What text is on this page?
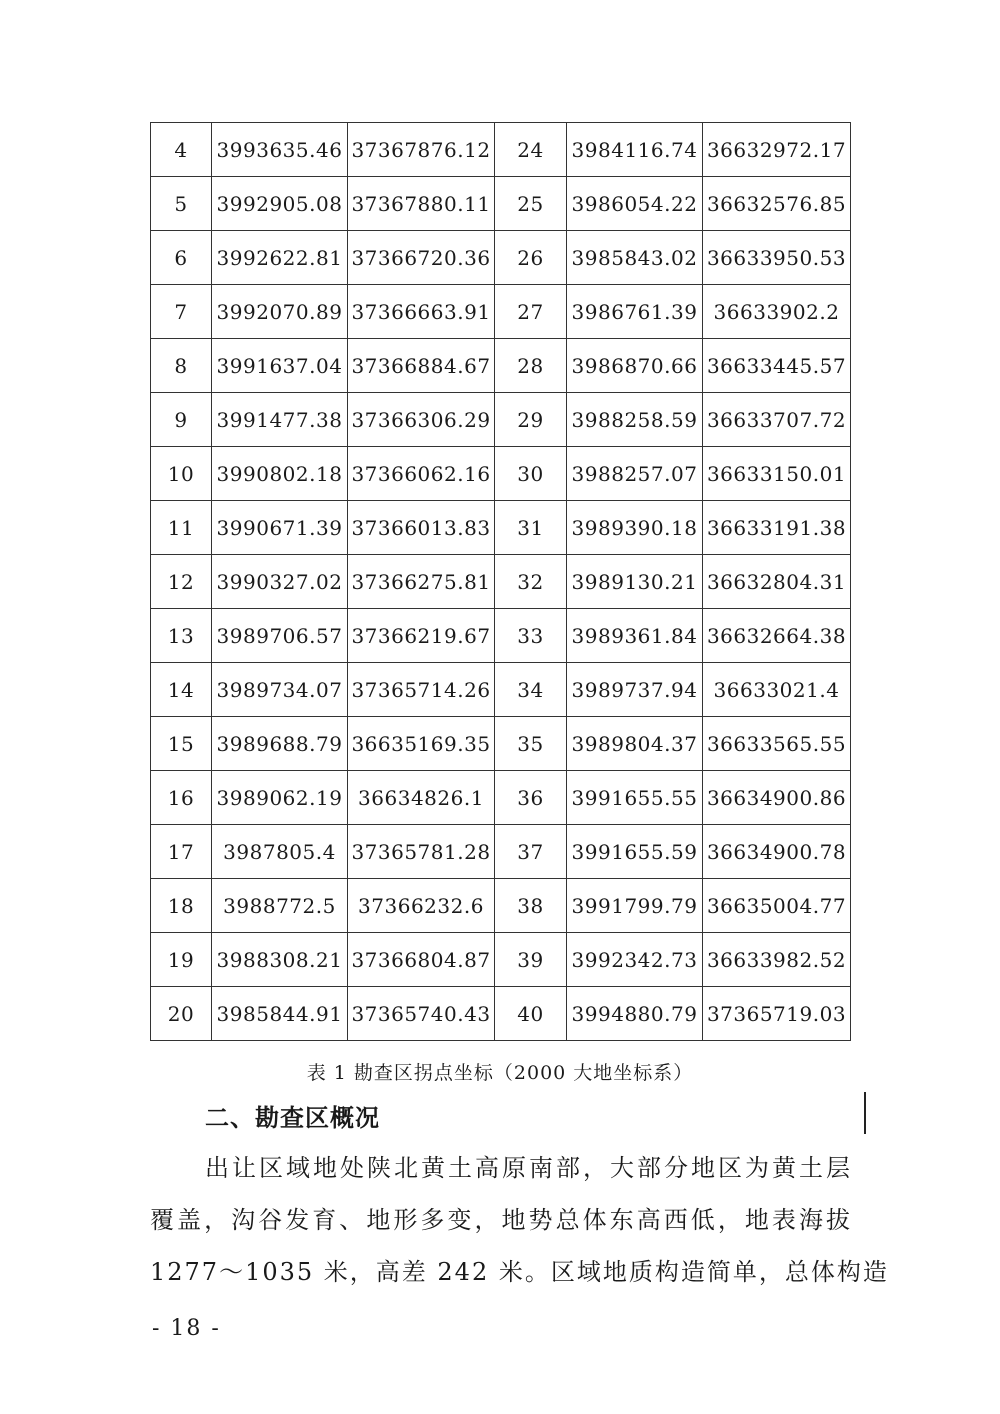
4	3993635.46	37367876.12	24	3984116.74	36632972.17
5	3992905.08	37367880.11	25	3986054.22	36632576.85
6	3992622.81	37366720.36	26	3985843.02	36633950.53
7	3992070.89	37366663.91	27	3986761.39	36633902.2
8	3991637.04	37366884.67	28	3986870.66	36633445.57
9	3991477.38	37366306.29	29	3988258.59	36633707.72
10	3990802.18	37366062.16	30	3988257.07	36633150.01
11	3990671.39	37366013.83	31	3989390.18	36633191.38
12	3990327.02	37366275.81	32	3989130.21	36632804.31
13	3989706.57	37366219.67	33	3989361.84	36632664.38
14	3989734.07	37365714.26	34	3989737.94	36633021.4
15	3989688.79	36635169.35	35	3989804.37	36633565.55
16	3989062.19	36634826.1	36	3991655.55	36634900.86
17	3987805.4	37365781.28	37	3991655.59	36634900.78
18	3988772.5	37366232.6	38	3991799.79	36635004.77
19	3988308.21	37366804.87	39	3992342.73	36633982.52
20	3985844.91	37365740.43	40	3994880.79	37365719.03
表 1 勘查区拐点坐标（2000 大地坐标系）
二、勘查区概况
出让区域地处陕北黄土高原南部，大部分地区为黄土层
覆盖，沟谷发育、地形多变，地势总体东高西低，地表海拔
1277～1035 米，高差 242 米。区域地质构造简单，总体构造
- 18 -
